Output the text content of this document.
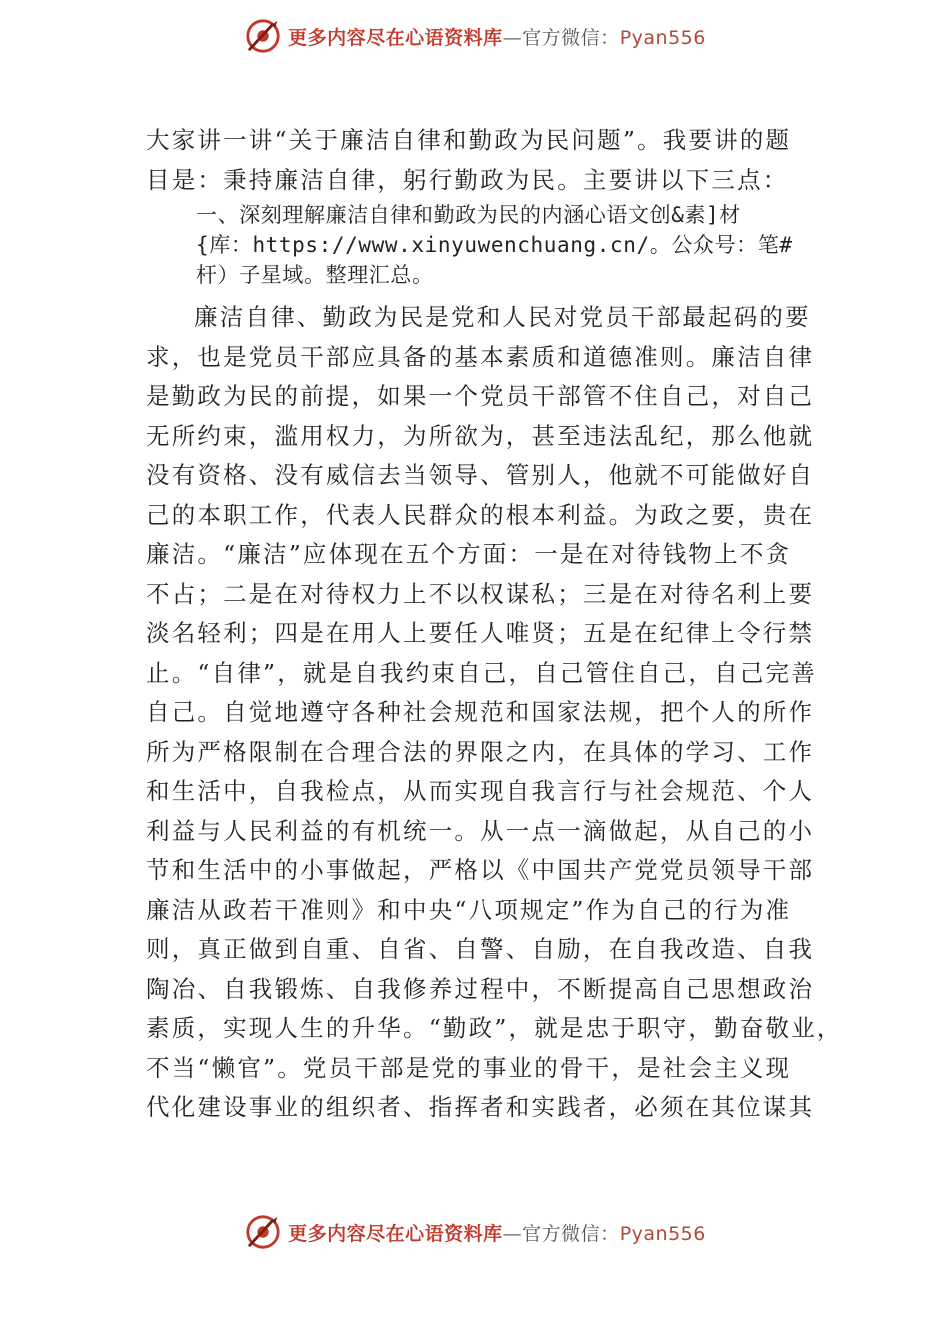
更多内容尽在心语资料库—官方微信：Pyan556
大家讲一讲“关于廉洁自律和勤政为民问题”。我要讲的题
目是：秉持廉洁自律，躬行勤政为民。主要讲以下三点：
一、深刻理解廉洁自律和勤政为民的内涵心语文创&素]材
{库：https://www.xinyuwenchuang.cn/。公众号：笔#
杆）子星域。整理汇总。
廉洁自律、勤政为民是党和人民对党员干部最起码的要
求，也是党员干部应具备的基本素质和道德准则。廉洁自律
是勤政为民的前提，如果一个党员干部管不住自己，对自己
无所约束，滥用权力，为所欲为，甚至违法乱纪，那么他就
没有资格、没有威信去当领导、管别人，他就不可能做好自
己的本职工作，代表人民群众的根本利益。为政之要，贵在
廉洁。“廉洁”应体现在五个方面：一是在对待钱物上不贪
不占；二是在对待权力上不以权谋私；三是在对待名利上要
淡名轻利；四是在用人上要任人唯贤；五是在纪律上令行禁
止。“自律”，就是自我约束自己，自己管住自己，自己完善
自己。自觉地遵守各种社会规范和国家法规，把个人的所作
所为严格限制在合理合法的界限之内，在具体的学习、工作
和生活中，自我检点，从而实现自我言行与社会规范、个人
利益与人民利益的有机统一。从一点一滴做起，从自己的小
节和生活中的小事做起，严格以《中国共产党党员领导干部
廉洁从政若干准则》和中央“八项规定”作为自己的行为准
则，真正做到自重、自省、自警、自励，在自我改造、自我
陶冶、自我锻炼、自我修养过程中，不断提高自己思想政治
素质，实现人生的升华。“勤政”，就是忠于职守，勤奋敬业，
不当“懒官”。党员干部是党的事业的骨干，是社会主义现
代化建设事业的组织者、指挥者和实践者，必须在其位谋其
更多内容尽在心语资料库—官方微信：Pyan556
